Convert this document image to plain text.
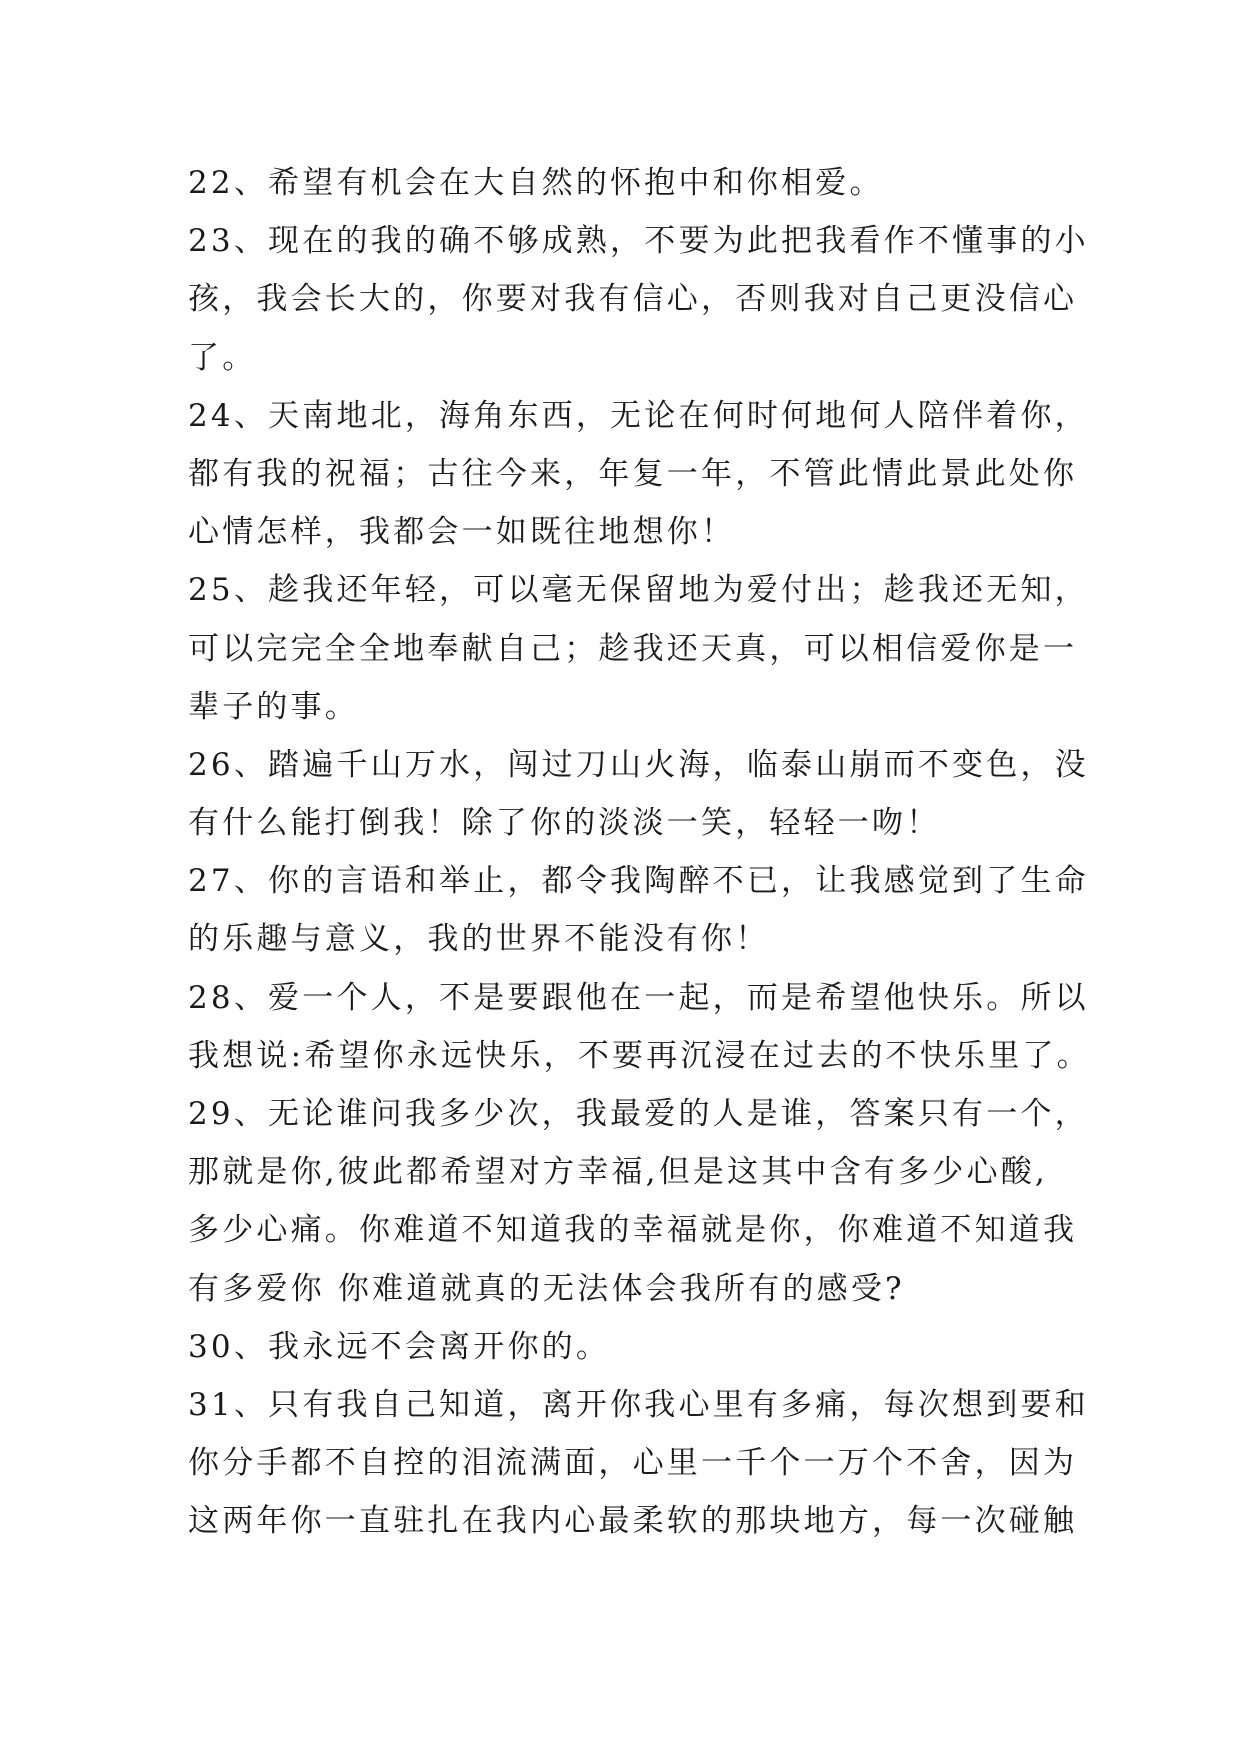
22、希望有机会在大自然的怀抱中和你相爱。
23、现在的我的确不够成熟，不要为此把我看作不懂事的小
孩，我会长大的，你要对我有信心，否则我对自己更没信心
了。
24、天南地北，海角东西，无论在何时何地何人陪伴着你，
都有我的祝福；古往今来，年复一年，不管此情此景此处你
心情怎样，我都会一如既往地想你！
25、趁我还年轻，可以毫无保留地为爱付出；趁我还无知，
可以完完全全地奉献自己；趁我还天真，可以相信爱你是一
辈子的事。
26、踏遍千山万水，闯过刀山火海，临泰山崩而不变色，没
有什么能打倒我！除了你的淡淡一笑，轻轻一吻！
27、你的言语和举止，都令我陶醉不已，让我感觉到了生命
的乐趣与意义，我的世界不能没有你！
28、爱一个人，不是要跟他在一起，而是希望他快乐。所以
我想说:希望你永远快乐，不要再沉浸在过去的不快乐里了。
29、无论谁问我多少次，我最爱的人是谁，答案只有一个，
那就是你,彼此都希望对方幸福,但是这其中含有多少心酸,
多少心痛。你难道不知道我的幸福就是你，你难道不知道我
有多爱你 你难道就真的无法体会我所有的感受?
30、我永远不会离开你的。
31、只有我自己知道，离开你我心里有多痛，每次想到要和
你分手都不自控的泪流满面，心里一千个一万个不舍，因为
这两年你一直驻扎在我内心最柔软的那块地方，每一次碰触
